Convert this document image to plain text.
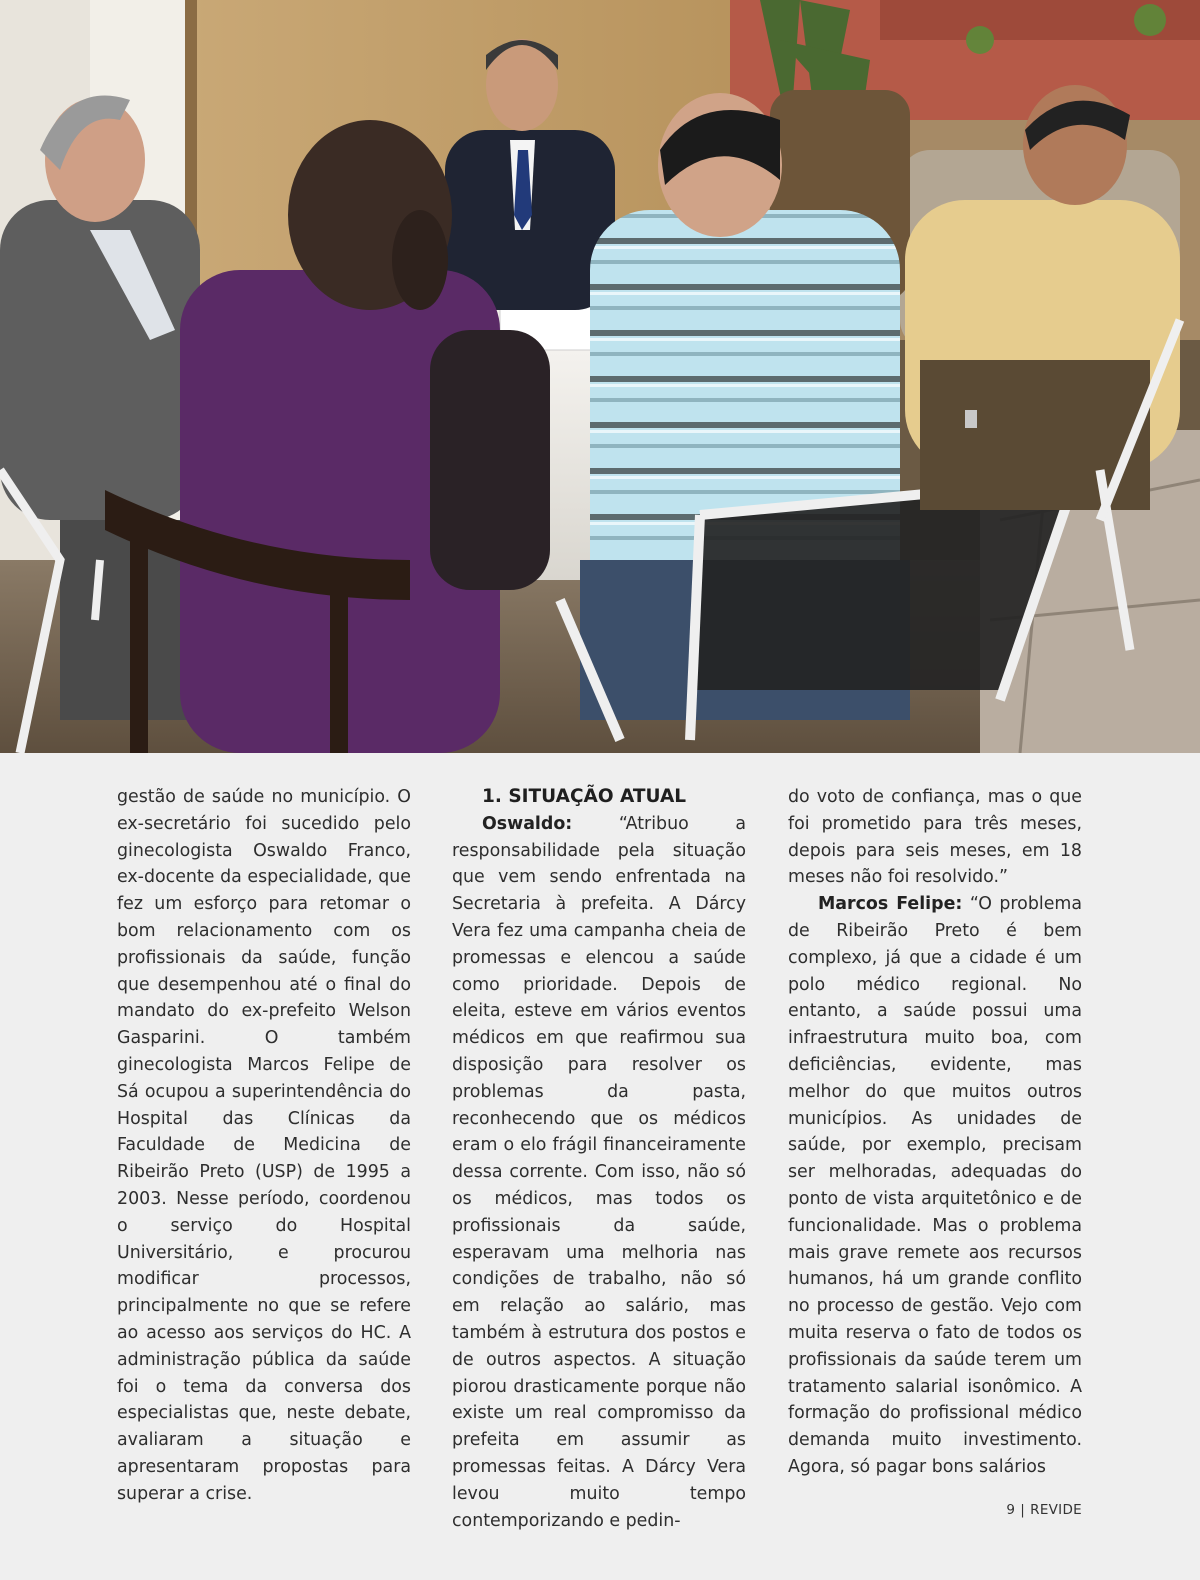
gestão de saúde no município. O ex-secretário foi sucedido pelo ginecologista Oswaldo Franco, ex-docente da especialidade, que fez um esforço para retomar o bom relacionamento com os profissionais da saúde, função que desempenhou até o final do mandato do ex-prefeito Welson Gasparini. O também ginecologista Marcos Felipe de Sá ocupou a superintendência do Hospital das Clínicas da Faculdade de Medicina de Ribeirão Preto (USP) de 1995 a 2003. Nesse período, coordenou o serviço do Hospital Universitário, e procurou modificar processos, principalmente no que se refere ao acesso aos serviços do HC. A administração pública da saúde foi o tema da conversa dos especialistas que, neste debate, avaliaram a situação e apresentaram propostas para superar a crise.

1. SITUAÇÃO ATUAL

Oswaldo:	“Atribuo a responsabilidade pela situação que vem sendo enfrentada na Secretaria à prefeita. A Dárcy Vera fez uma campanha cheia de promessas e elencou a saúde como prioridade. Depois de eleita, esteve em vários eventos médicos em que reafirmou sua disposição para resolver os problemas da pasta, reconhecendo que os médicos eram o elo frágil financeiramente dessa corrente. Com isso, não só os médicos, mas todos os profissionais da saúde, esperavam uma melhoria nas condições de trabalho, não só em relação ao salário, mas também à estrutura dos postos e de outros aspectos. A situação piorou drasticamente porque não existe um real compromisso da prefeita em assumir as promessas feitas. A Dárcy Vera levou muito tempo contemporizando e pedin-

do voto de confiança, mas o que foi prometido para três meses, depois para seis meses, em 18 meses não foi resolvido.”

Marcos Felipe: “O problema de Ribeirão Preto é bem complexo, já que a cidade é um polo médico regional. No entanto, a saúde possui uma infraestrutura muito boa, com deficiências, evidente, mas melhor do que muitos outros municípios. As unidades de saúde, por exemplo, precisam ser melhoradas, adequadas do ponto de vista arquitetônico e de funcionalidade. Mas o problema mais grave remete aos recursos humanos, há um grande conflito no processo de gestão. Vejo com muita reserva o fato de todos os profissionais da saúde terem um tratamento salarial isonômico. A formação do profissional médico demanda muito investimento. Agora, só pagar bons salários

9 | REVIDE
